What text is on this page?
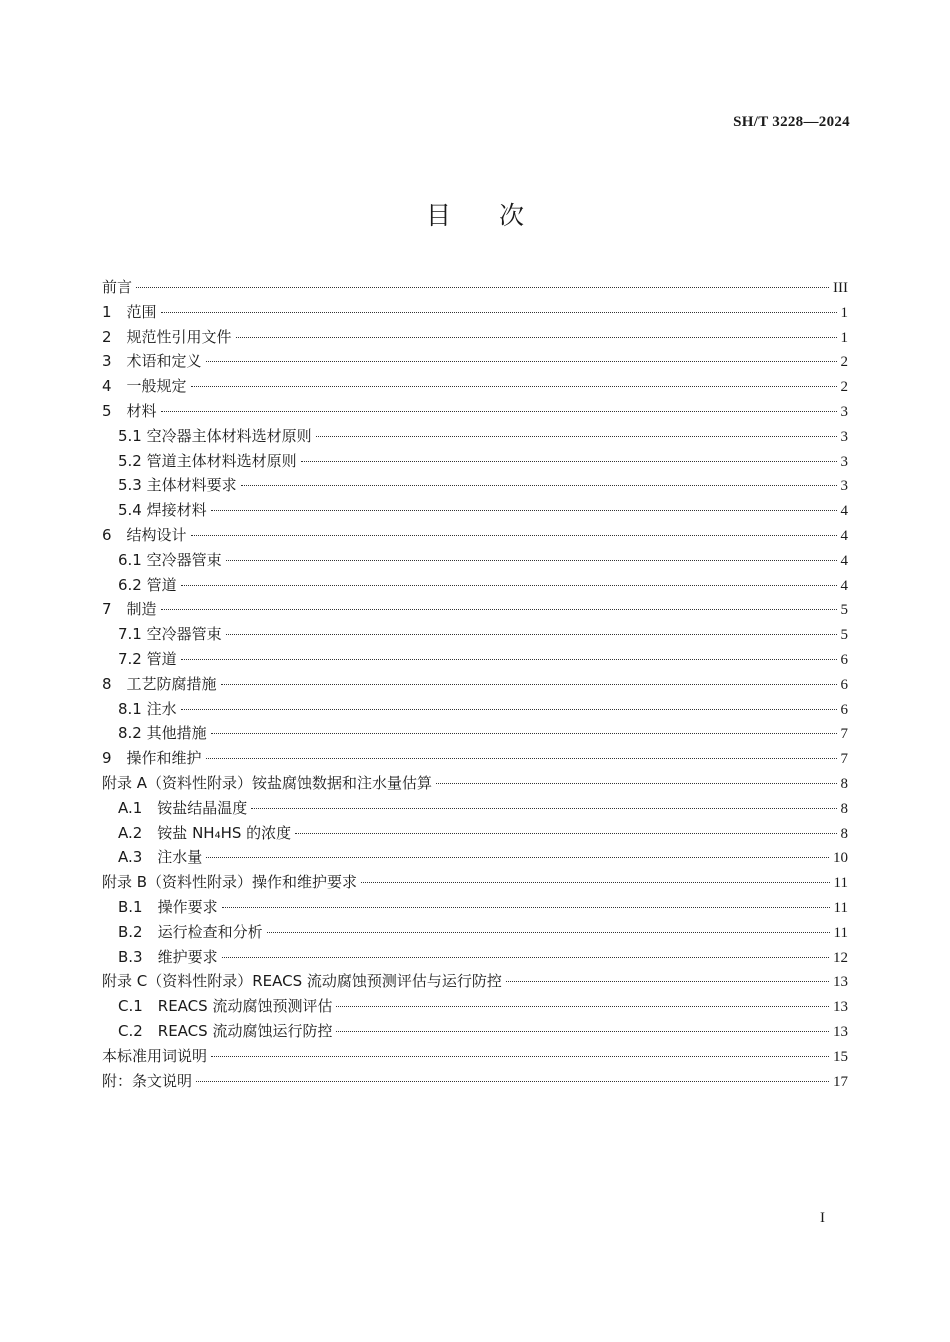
SH/T 3228—2024
目次
前言	III
1　范围	1
2　规范性引用文件	1
3　术语和定义	2
4　一般规定	2
5　材料	3
5.1 空冷器主体材料选材原则	3
5.2 管道主体材料选材原则	3
5.3 主体材料要求	3
5.4 焊接材料	4
6　结构设计	4
6.1 空冷器管束	4
6.2 管道	4
7　制造	5
7.1 空冷器管束	5
7.2 管道	6
8　工艺防腐措施	6
8.1 注水	6
8.2 其他措施	7
9　操作和维护	7
附录 A（资料性附录）铵盐腐蚀数据和注水量估算	8
A.1　铵盐结晶温度	8
A.2　铵盐 NH₄HS 的浓度	8
A.3　注水量	10
附录 B（资料性附录）操作和维护要求	11
B.1　操作要求	11
B.2　运行检查和分析	11
B.3　维护要求	12
附录 C（资料性附录）REACS 流动腐蚀预测评估与运行防控	13
C.1　REACS 流动腐蚀预测评估	13
C.2　REACS 流动腐蚀运行防控	13
本标准用词说明	15
附：条文说明	17
I
